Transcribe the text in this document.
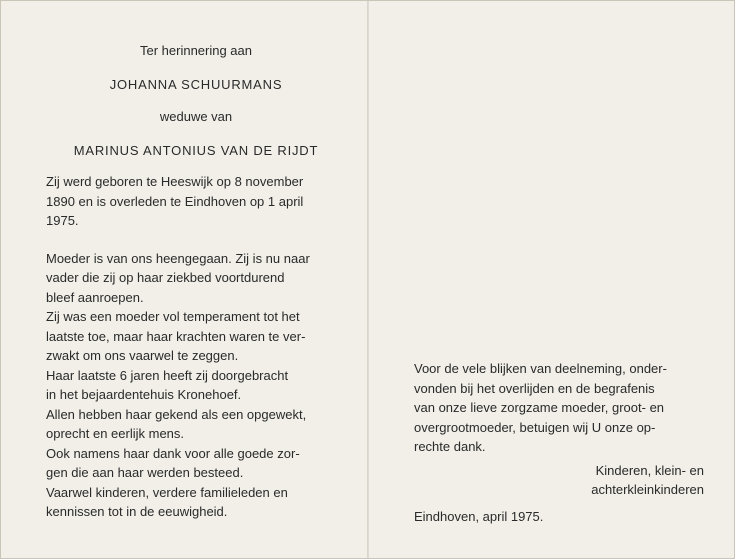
Ter herinnering aan

JOHANNA SCHUURMANS

weduwe van

MARINUS ANTONIUS VAN DE RIJDT

Zij werd geboren te Heeswijk op 8 november

1890 en is overleden te Eindhoven op 1 april

1975.

Moeder is van ons heengegaan. Zij is nu naar

vader die zij op haar ziekbed voortdurend

bleef aanroepen.

Zij was een moeder vol temperament tot het

laatste toe, maar haar krachten waren te ver-

zwakt om ons vaarwel te zeggen.

Haar laatste 6 jaren heeft zij doorgebracht

in het bejaardentehuis Kronehoef.

Allen hebben haar gekend als een opgewekt,

oprecht en eerlijk mens.

Ook namens haar dank voor alle goede zor-

gen die aan haar werden besteed.

Vaarwel kinderen, verdere familieleden en

kennissen tot in de eeuwigheid.

Voor de vele blijken van deelneming, onder-

vonden bij het overlijden en de begrafenis

van onze lieve zorgzame moeder, groot- en

overgrootmoeder, betuigen wij U onze op-

rechte dank.

Kinderen, klein- en

achterkleinkinderen

Eindhoven, april 1975.
